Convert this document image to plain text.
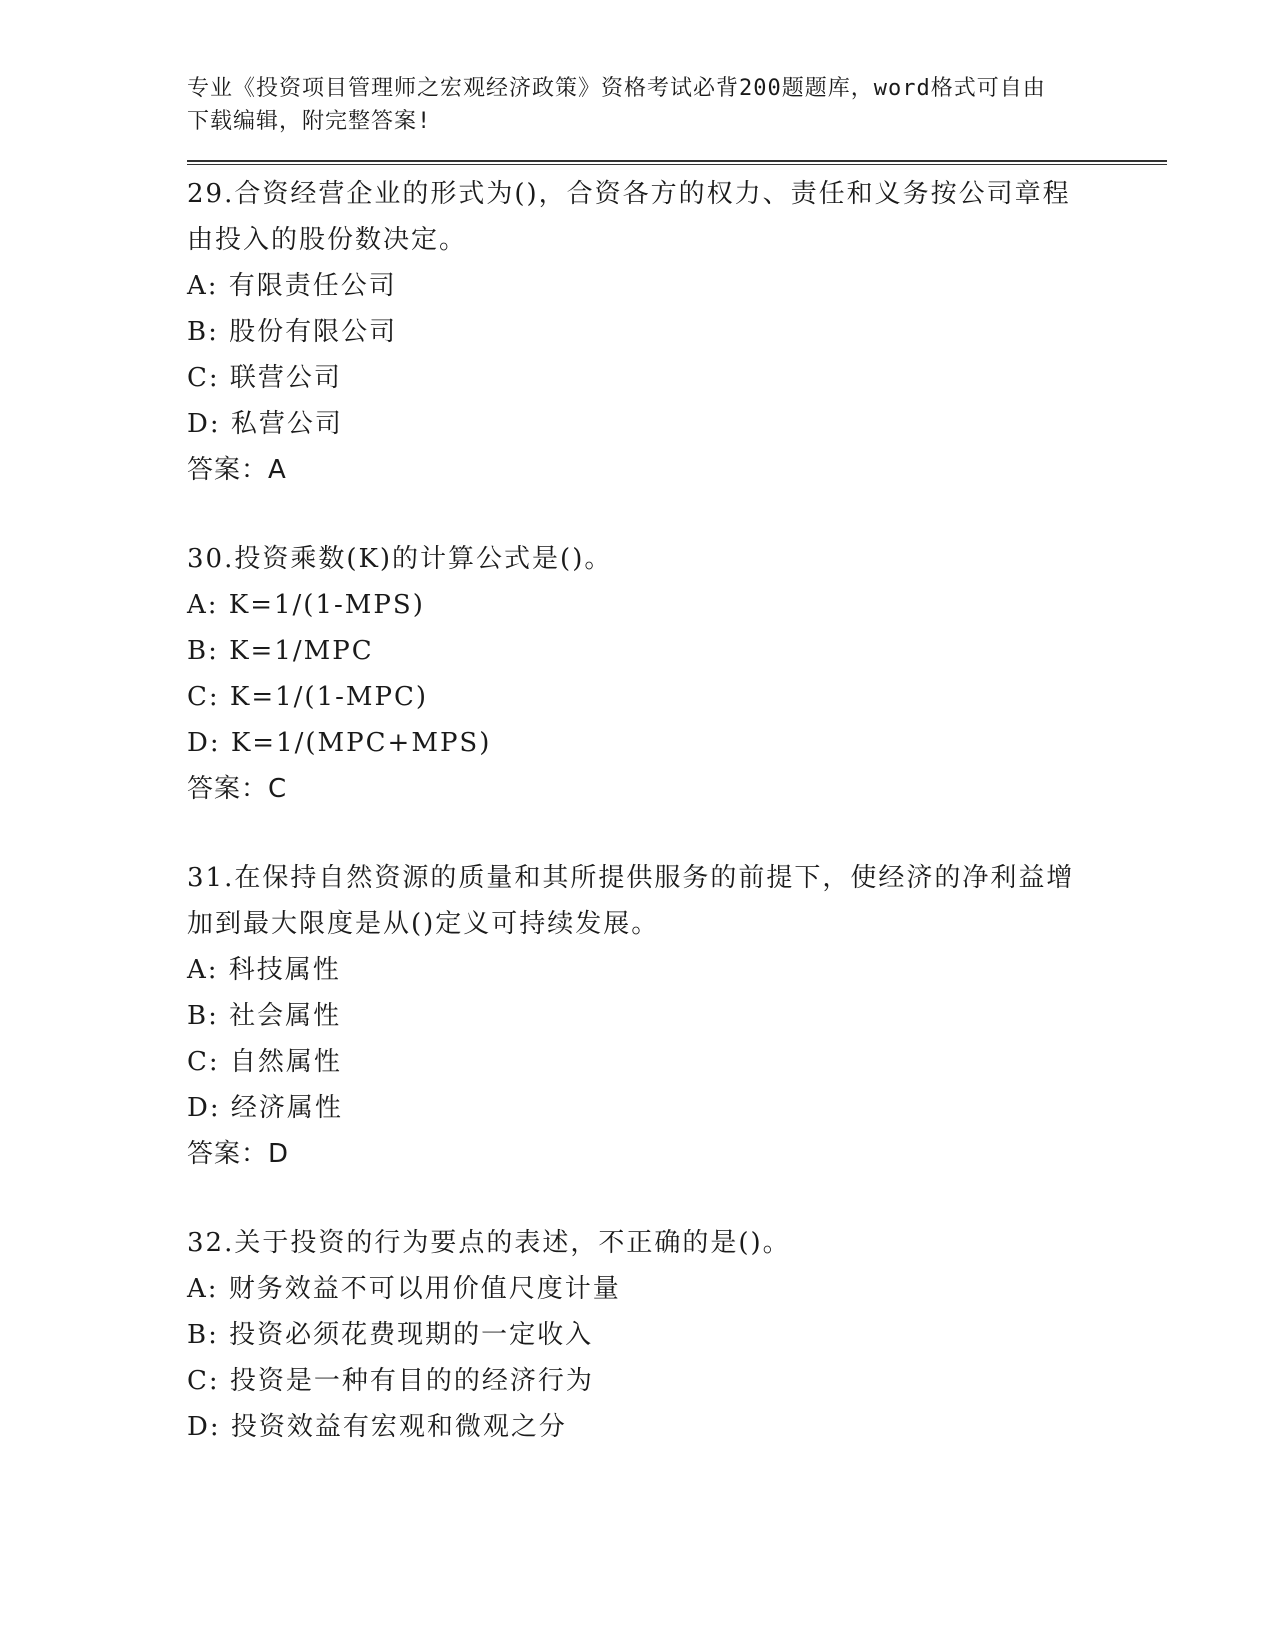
专业《投资项目管理师之宏观经济政策》资格考试必背200题题库，word格式可自由下载编辑，附完整答案!

29.合资经营企业的形式为()，合资各方的权力、责任和义务按公司章程由投入的股份数决定。

A: 有限责任公司

B: 股份有限公司

C: 联营公司

D: 私营公司

答案：A

30.投资乘数(K)的计算公式是()。

A: K=1/(1-MPS)

B: K=1/MPC

C: K=1/(1-MPC)

D: K=1/(MPC+MPS)

答案：C

31.在保持自然资源的质量和其所提供服务的前提下，使经济的净利益增加到最大限度是从()定义可持续发展。

A: 科技属性

B: 社会属性

C: 自然属性

D: 经济属性

答案：D

32.关于投资的行为要点的表述，不正确的是()。

A: 财务效益不可以用价值尺度计量

B: 投资必须花费现期的一定收入

C: 投资是一种有目的的经济行为

D: 投资效益有宏观和微观之分
